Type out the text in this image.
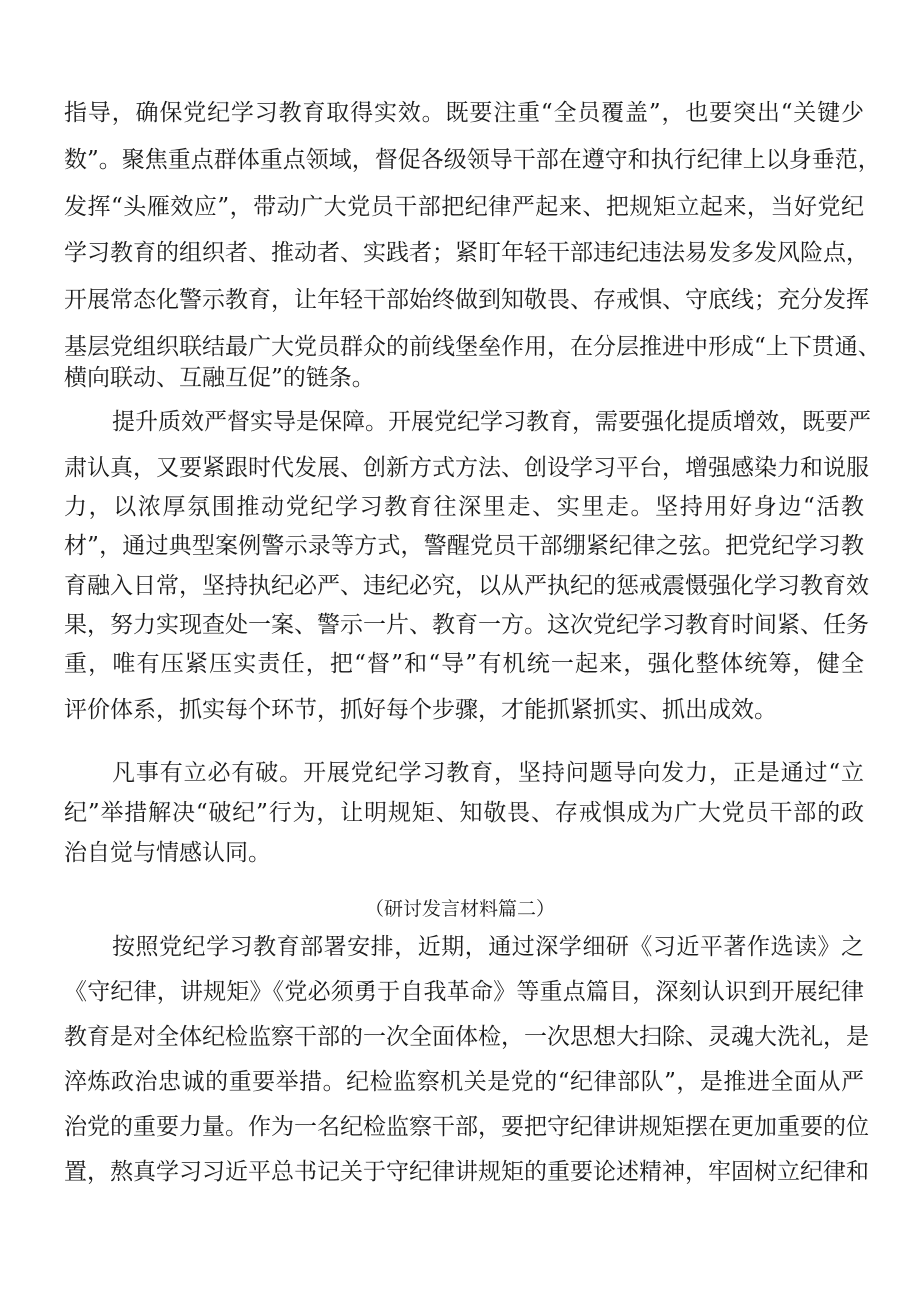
指导，确保党纪学习教育取得实效。既要注重“全员覆盖”，也要突出“关键少
数”。聚焦重点群体重点领域，督促各级领导干部在遵守和执行纪律上以身垂范，
发挥“头雁效应”，带动广大党员干部把纪律严起来、把规矩立起来，当好党纪
学习教育的组织者、推动者、实践者；紧盯年轻干部违纪违法易发多发风险点，
开展常态化警示教育，让年轻干部始终做到知敬畏、存戒惧、守底线；充分发挥
基层党组织联结最广大党员群众的前线堡垒作用，在分层推进中形成“上下贯通、
横向联动、互融互促”的链条。
提升质效严督实导是保障。开展党纪学习教育，需要强化提质增效，既要严
肃认真，又要紧跟时代发展、创新方式方法、创设学习平台，增强感染力和说服
力，以浓厚氛围推动党纪学习教育往深里走、实里走。坚持用好身边“活教
材”，通过典型案例警示录等方式，警醒党员干部绷紧纪律之弦。把党纪学习教
育融入日常，坚持执纪必严、违纪必究，以从严执纪的惩戒震慑强化学习教育效
果，努力实现查处一案、警示一片、教育一方。这次党纪学习教育时间紧、任务
重，唯有压紧压实责任，把“督”和“导”有机统一起来，强化整体统筹，健全
评价体系，抓实每个环节，抓好每个步骤，才能抓紧抓实、抓出成效。
凡事有立必有破。开展党纪学习教育，坚持问题导向发力，正是通过“立
纪”举措解决“破纪”行为，让明规矩、知敬畏、存戒惧成为广大党员干部的政
治自觉与情感认同。
（研讨发言材料篇二）
按照党纪学习教育部署安排，近期，通过深学细研《习近平著作选读》之
《守纪律，讲规矩》《党必须勇于自我革命》等重点篇目，深刻认识到开展纪律
教育是对全体纪检监察干部的一次全面体检，一次思想大扫除、灵魂大洗礼，是
淬炼政治忠诚的重要举措。纪检监察机关是党的“纪律部队”，是推进全面从严
治党的重要力量。作为一名纪检监察干部，要把守纪律讲规矩摆在更加重要的位
置，熬真学习习近平总书记关于守纪律讲规矩的重要论述精神，牢固树立纪律和
